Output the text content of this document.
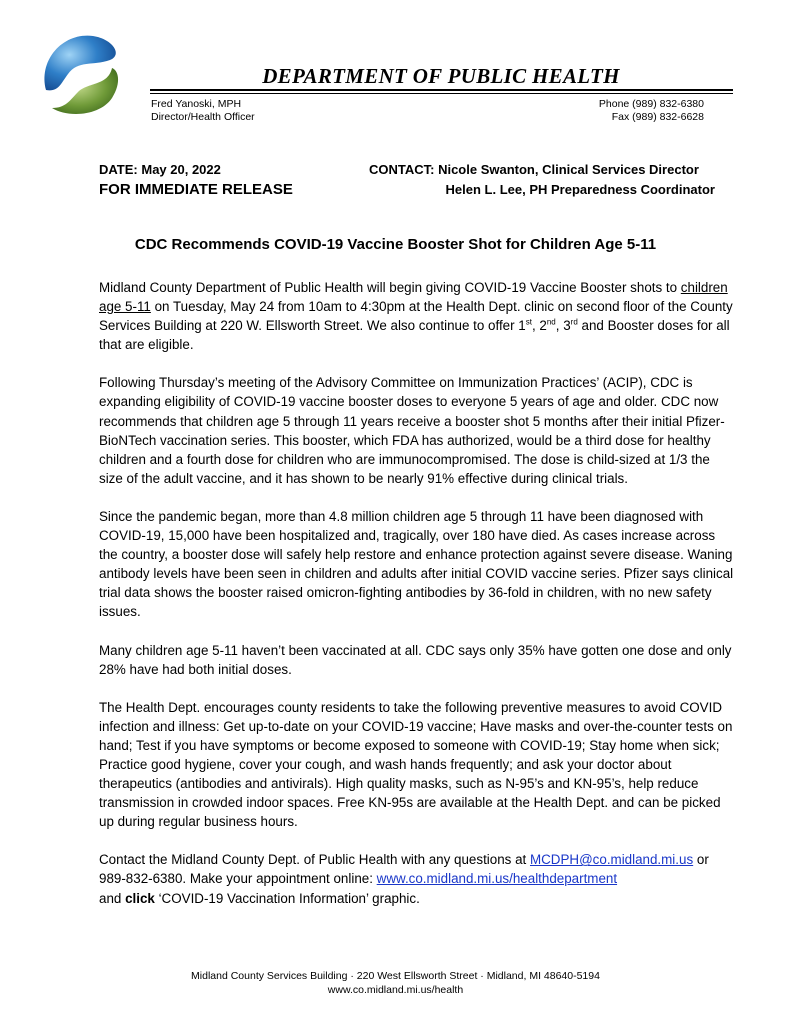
DEPARTMENT OF PUBLIC HEALTH
Fred Yanoski, MPH
Director/Health Officer
Phone (989) 832-6380
Fax (989) 832-6628
DATE: May 20, 2022
FOR IMMEDIATE RELEASE
CONTACT: Nicole Swanton, Clinical Services Director
Helen L. Lee, PH Preparedness Coordinator
CDC Recommends COVID-19 Vaccine Booster Shot for Children Age 5-11

Midland County Department of Public Health will begin giving COVID-19 Vaccine Booster shots to children age 5-11 on Tuesday, May 24 from 10am to 4:30pm at the Health Dept. clinic on second floor of the County Services Building at 220 W. Ellsworth Street. We also continue to offer 1st, 2nd, 3rd and Booster doses for all that are eligible.

Following Thursday’s meeting of the Advisory Committee on Immunization Practices’ (ACIP), CDC is expanding eligibility of COVID-19 vaccine booster doses to everyone 5 years of age and older. CDC now recommends that children age 5 through 11 years receive a booster shot 5 months after their initial Pfizer-BioNTech vaccination series. This booster, which FDA has authorized, would be a third dose for healthy children and a fourth dose for children who are immunocompromised. The dose is child-sized at 1/3 the size of the adult vaccine, and it has shown to be nearly 91% effective during clinical trials.

Since the pandemic began, more than 4.8 million children age 5 through 11 have been diagnosed with COVID-19, 15,000 have been hospitalized and, tragically, over 180 have died. As cases increase across the country, a booster dose will safely help restore and enhance protection against severe disease. Waning antibody levels have been seen in children and adults after initial COVID vaccine series. Pfizer says clinical trial data shows the booster raised omicron-fighting antibodies by 36-fold in children, with no new safety issues.

Many children age 5-11 haven’t been vaccinated at all. CDC says only 35% have gotten one dose and only 28% have had both initial doses.

The Health Dept. encourages county residents to take the following preventive measures to avoid COVID infection and illness: Get up-to-date on your COVID-19 vaccine; Have masks and over-the-counter tests on hand; Test if you have symptoms or become exposed to someone with COVID-19; Stay home when sick; Practice good hygiene, cover your cough, and wash hands frequently; and ask your doctor about therapeutics (antibodies and antivirals). High quality masks, such as N-95’s and KN-95’s, help reduce transmission in crowded indoor spaces. Free KN-95s are available at the Health Dept. and can be picked up during regular business hours.

Contact the Midland County Dept. of Public Health with any questions at MCDPH@co.midland.mi.us or 989-832-6380. Make your appointment online: www.co.midland.mi.us/healthdepartment
and click ‘COVID-19 Vaccination Information’ graphic.

Midland County Services Building · 220 West Ellsworth Street · Midland, MI 48640-5194
www.co.midland.mi.us/health
